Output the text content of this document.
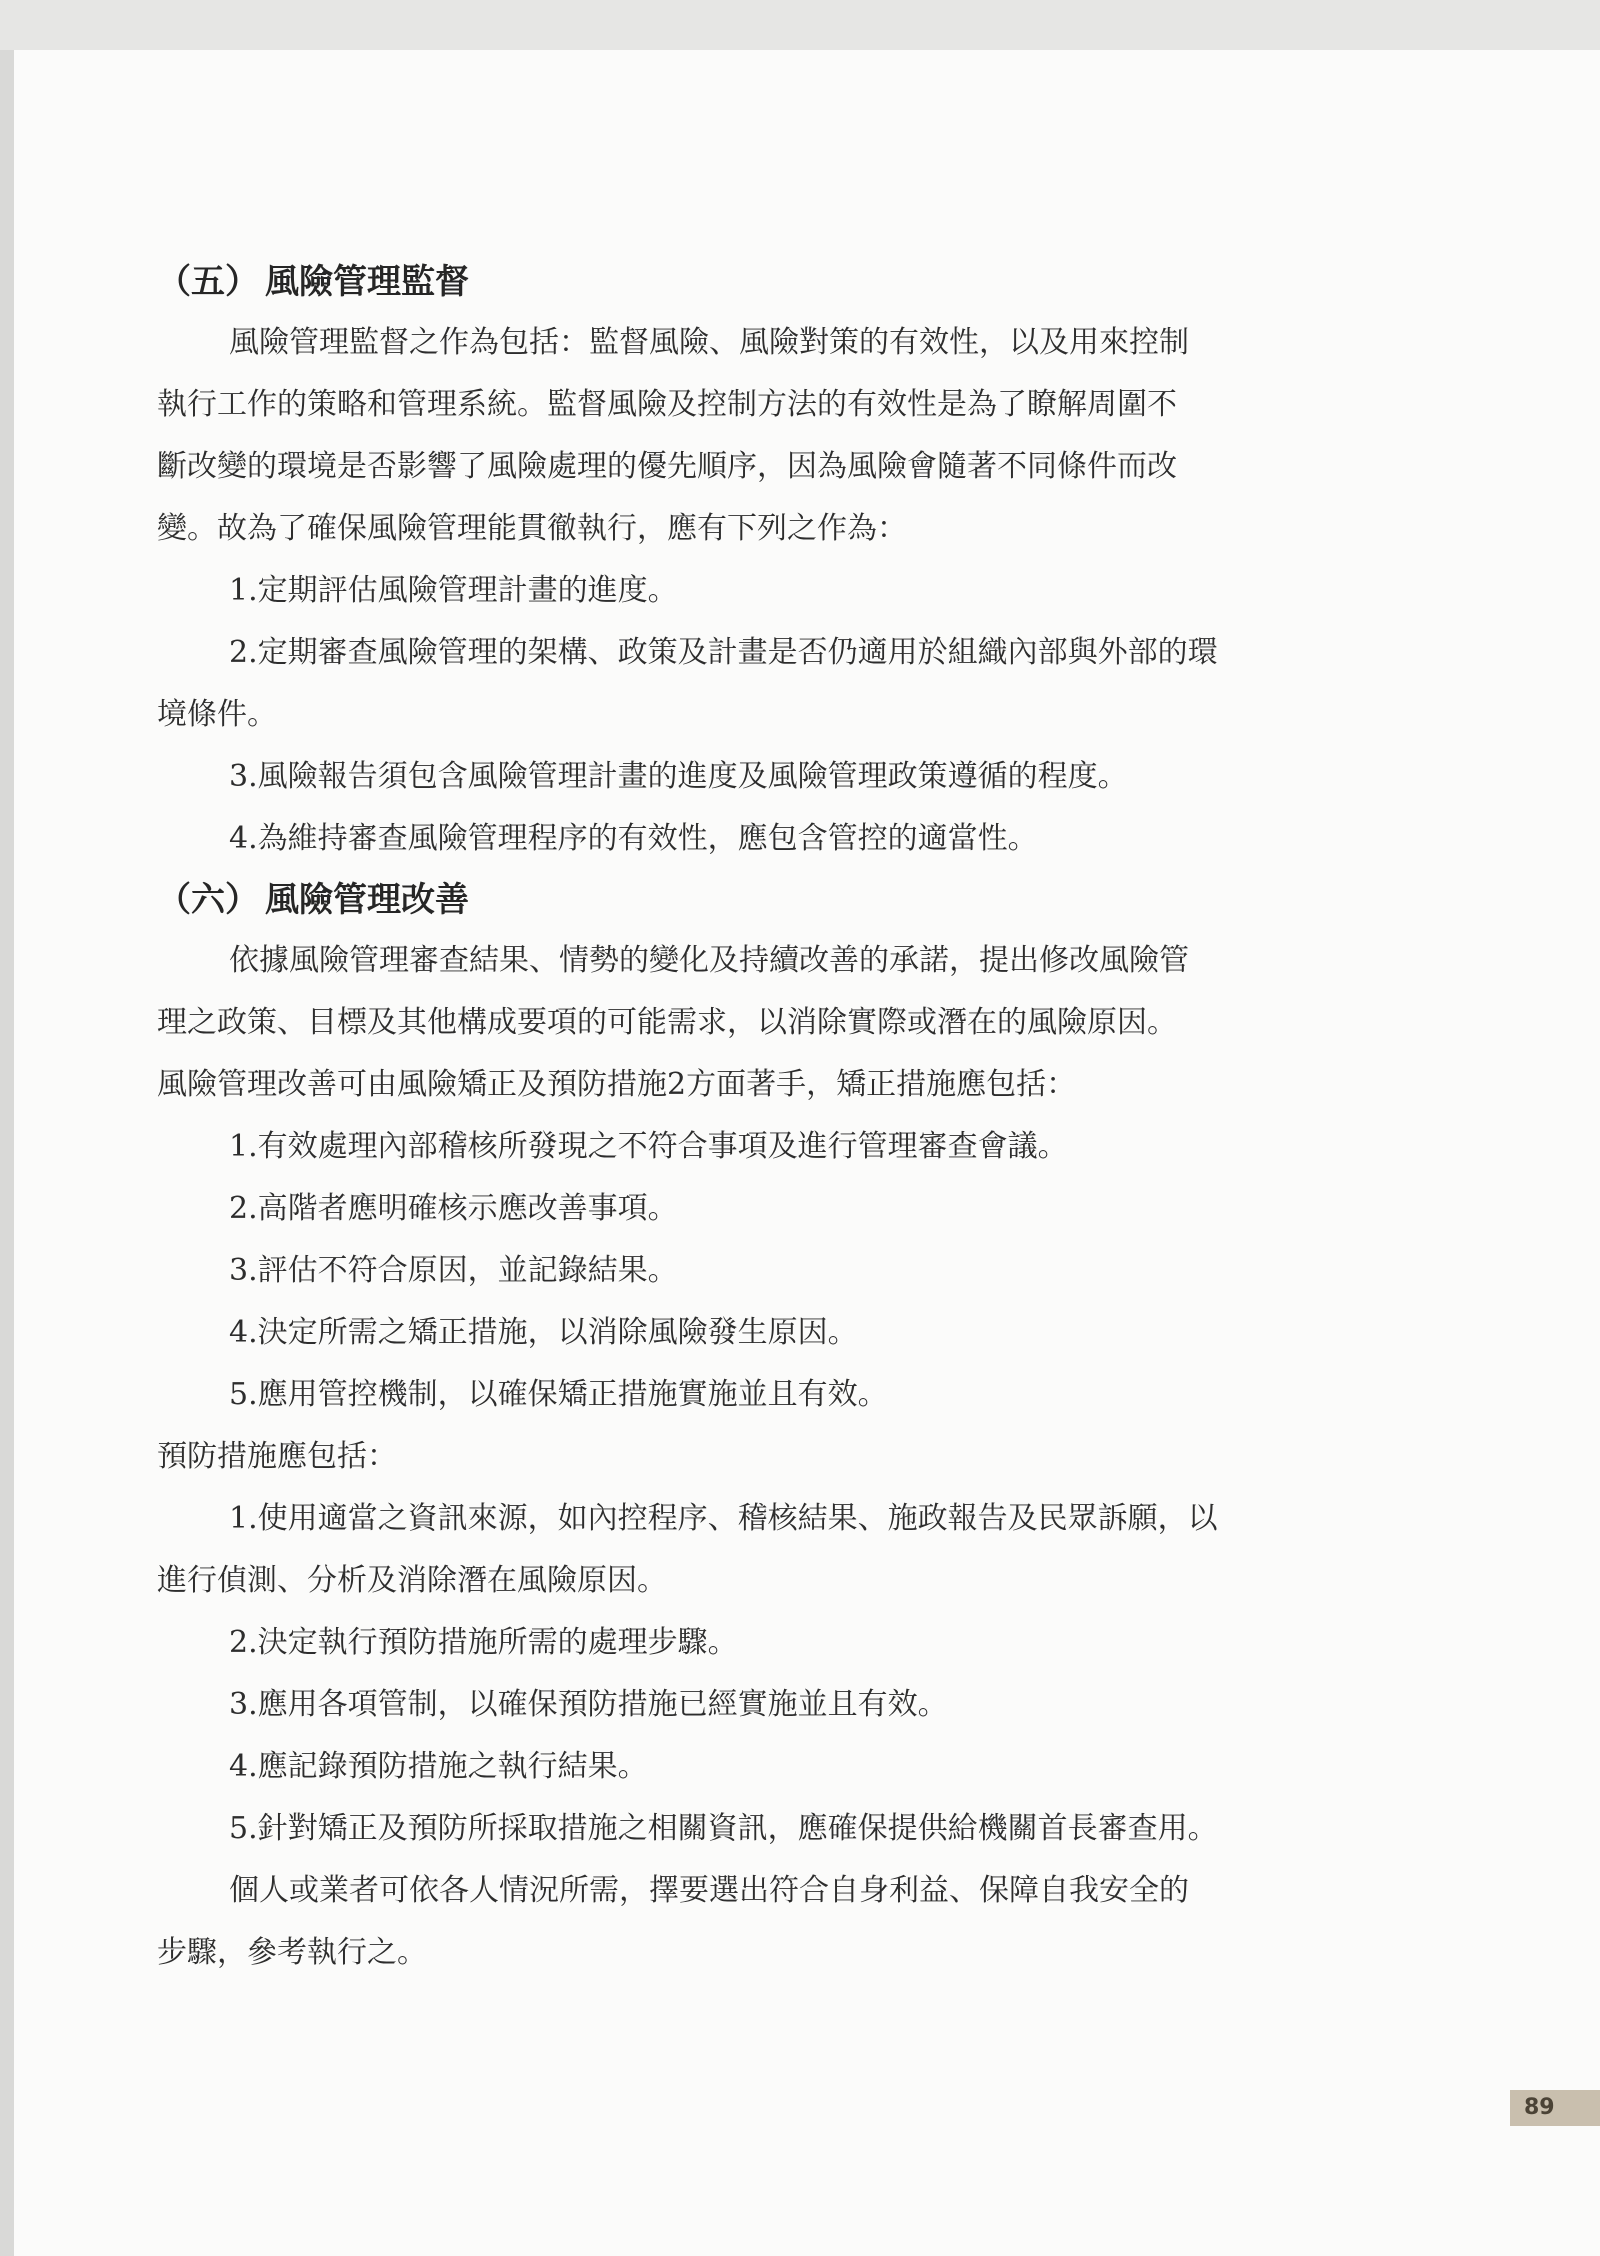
（五） 風險管理監督
風險管理監督之作為包括：監督風險、風險對策的有效性，以及用來控制
執行工作的策略和管理系統。監督風險及控制方法的有效性是為了瞭解周圍不
斷改變的環境是否影響了風險處理的優先順序，因為風險會隨著不同條件而改
變。故為了確保風險管理能貫徹執行，應有下列之作為：
1.定期評估風險管理計畫的進度。
2.定期審查風險管理的架構、政策及計畫是否仍適用於組織內部與外部的環
境條件。
3.風險報告須包含風險管理計畫的進度及風險管理政策遵循的程度。
4.為維持審查風險管理程序的有效性，應包含管控的適當性。
（六） 風險管理改善
依據風險管理審查結果、情勢的變化及持續改善的承諾，提出修改風險管
理之政策、目標及其他構成要項的可能需求，以消除實際或潛在的風險原因。
風險管理改善可由風險矯正及預防措施2方面著手，矯正措施應包括：
1.有效處理內部稽核所發現之不符合事項及進行管理審查會議。
2.高階者應明確核示應改善事項。
3.評估不符合原因，並記錄結果。
4.決定所需之矯正措施，以消除風險發生原因。
5.應用管控機制，以確保矯正措施實施並且有效。
預防措施應包括：
1.使用適當之資訊來源，如內控程序、稽核結果、施政報告及民眾訴願，以
進行偵測、分析及消除潛在風險原因。
2.決定執行預防措施所需的處理步驟。
3.應用各項管制，以確保預防措施已經實施並且有效。
4.應記錄預防措施之執行結果。
5.針對矯正及預防所採取措施之相關資訊，應確保提供給機關首長審查用。
個人或業者可依各人情況所需，擇要選出符合自身利益、保障自我安全的
步驟，參考執行之。
89
